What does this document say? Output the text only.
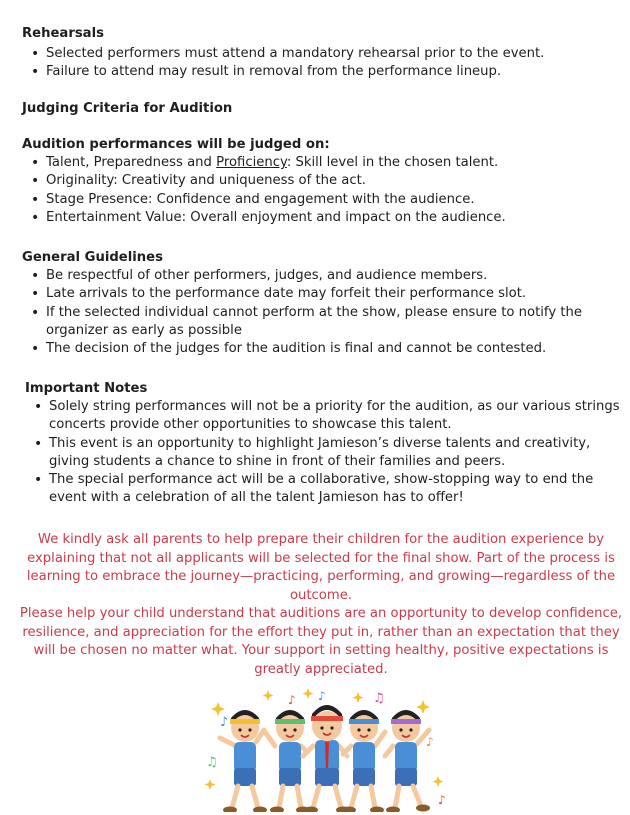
Rehearsals
• Selected performers must attend a mandatory rehearsal prior to the event.
• Failure to attend may result in removal from the performance lineup.
Judging Criteria for Audition
Audition performances will be judged on:
• Talent, Preparedness and Proficiency: Skill level in the chosen talent.
• Originality: Creativity and uniqueness of the act.
• Stage Presence: Confidence and engagement with the audience.
• Entertainment Value: Overall enjoyment and impact on the audience.
General Guidelines
• Be respectful of other performers, judges, and audience members.
• Late arrivals to the performance date may forfeit their performance slot.
• If the selected individual cannot perform at the show, please ensure to notify the organizer as early as possible
• The decision of the judges for the audition is final and cannot be contested.
Important Notes
• Solely string performances will not be a priority for the audition, as our various strings concerts provide other opportunities to showcase this talent.
• This event is an opportunity to highlight Jamieson’s diverse talents and creativity, giving students a chance to shine in front of their families and peers.
• The special performance act will be a collaborative, show-stopping way to end the event with a celebration of all the talent Jamieson has to offer!

We kindly ask all parents to help prepare their children for the audition experience by explaining that not all applicants will be selected for the final show. Part of the process is learning to embrace the journey—practicing, performing, and growing—regardless of the outcome.

Please help your child understand that auditions are an opportunity to develop confidence, resilience, and appreciation for the effort they put in, rather than an expectation that they will be chosen no matter what. Your support in setting healthy, positive expectations is greatly appreciated.

♪
♫
♪ ♪	♫
♪
♪
